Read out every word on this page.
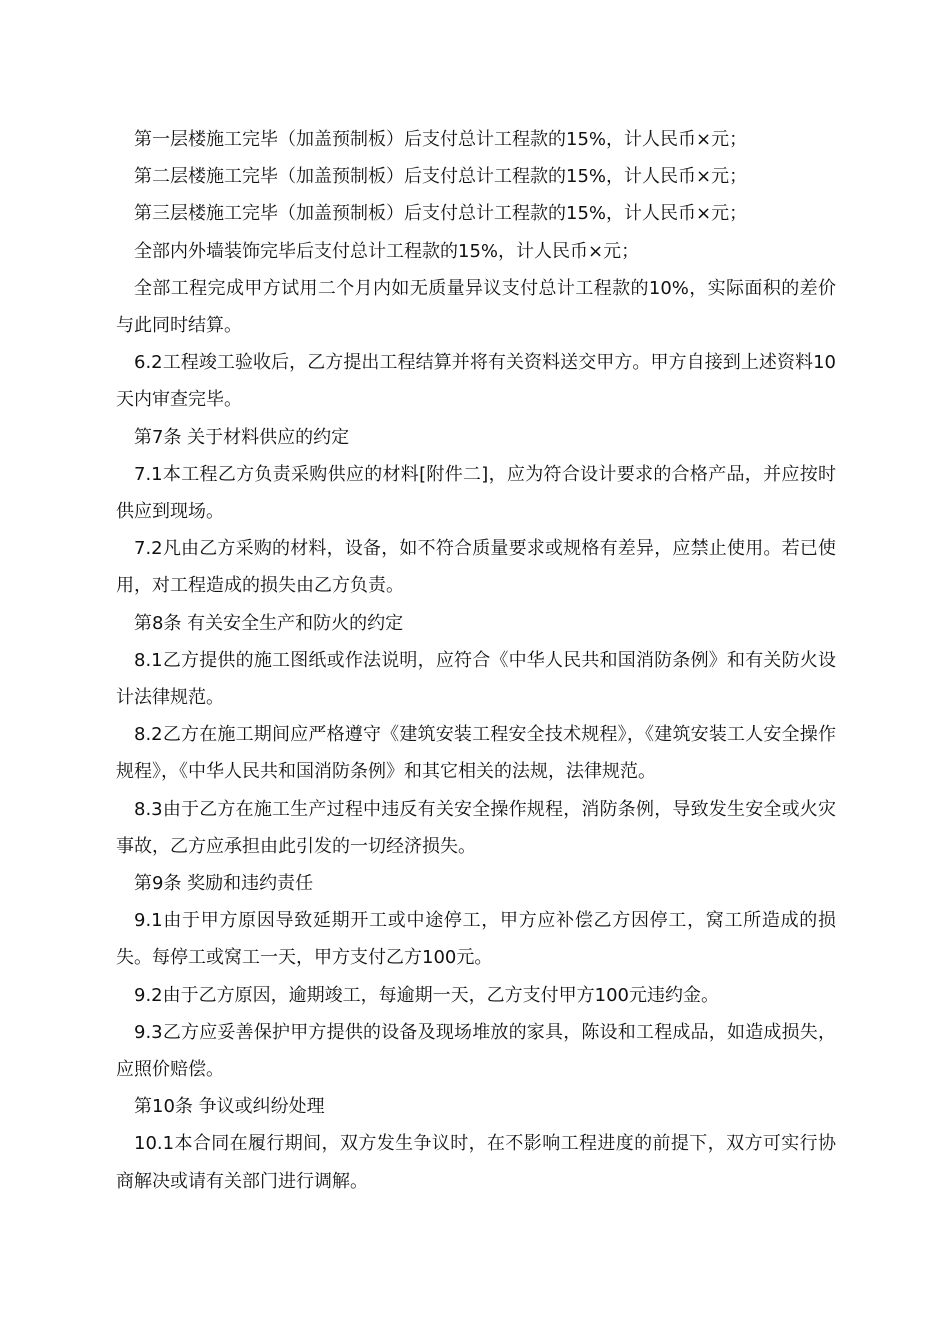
第一层楼施工完毕（加盖预制板）后支付总计工程款的15%，计人民币×元；

第二层楼施工完毕（加盖预制板）后支付总计工程款的15%，计人民币×元；

第三层楼施工完毕（加盖预制板）后支付总计工程款的15%，计人民币×元；

全部内外墙装饰完毕后支付总计工程款的15%，计人民币×元；

全部工程完成甲方试用二个月内如无质量异议支付总计工程款的10%，实际面积的差价与此同时结算。

6.2工程竣工验收后，乙方提出工程结算并将有关资料送交甲方。甲方自接到上述资料10天内审查完毕。

第7条 关于材料供应的约定

7.1本工程乙方负责采购供应的材料[附件二]，应为符合设计要求的合格产品，并应按时供应到现场。

7.2凡由乙方采购的材料，设备，如不符合质量要求或规格有差异，应禁止使用。若已使用，对工程造成的损失由乙方负责。

第8条 有关安全生产和防火的约定

8.1乙方提供的施工图纸或作法说明，应符合《中华人民共和国消防条例》和有关防火设计法律规范。

8.2乙方在施工期间应严格遵守《建筑安装工程安全技术规程》，《建筑安装工人安全操作规程》，《中华人民共和国消防条例》和其它相关的法规，法律规范。

8.3由于乙方在施工生产过程中违反有关安全操作规程，消防条例，导致发生安全或火灾事故，乙方应承担由此引发的一切经济损失。

第9条 奖励和违约责任

9.1由于甲方原因导致延期开工或中途停工，甲方应补偿乙方因停工，窝工所造成的损失。每停工或窝工一天，甲方支付乙方100元。

9.2由于乙方原因，逾期竣工，每逾期一天，乙方支付甲方100元违约金。

9.3乙方应妥善保护甲方提供的设备及现场堆放的家具，陈设和工程成品，如造成损失，应照价赔偿。

第10条 争议或纠纷处理

10.1本合同在履行期间，双方发生争议时，在不影响工程进度的前提下，双方可实行协商解决或请有关部门进行调解。
